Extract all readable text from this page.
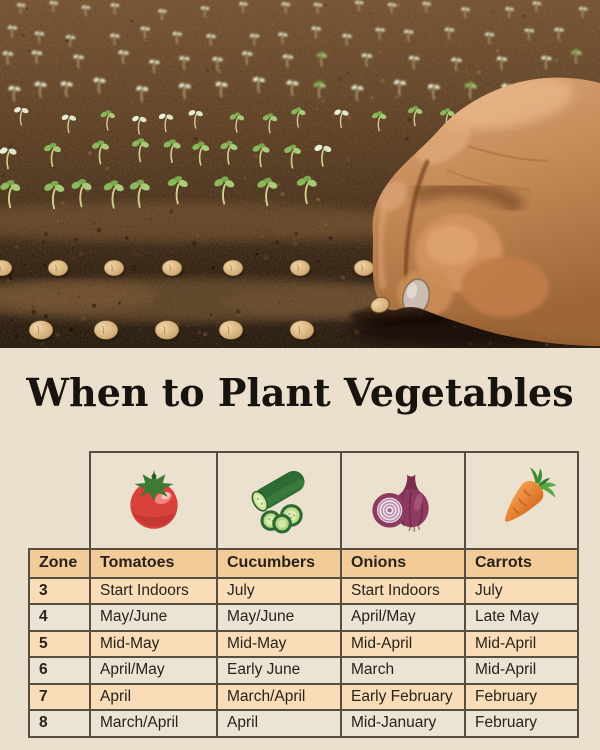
When to Plant Vegetables

Zone	Tomatoes	Cucumbers	Onions	Carrots
3	Start Indoors	July	Start Indoors	July
4	May/June	May/June	April/May	Late May
5	Mid-May	Mid-May	Mid-April	Mid-April
6	April/May	Early June	March	Mid-April
7	April	March/April	Early February	February
8	March/April	April	Mid-January	February
